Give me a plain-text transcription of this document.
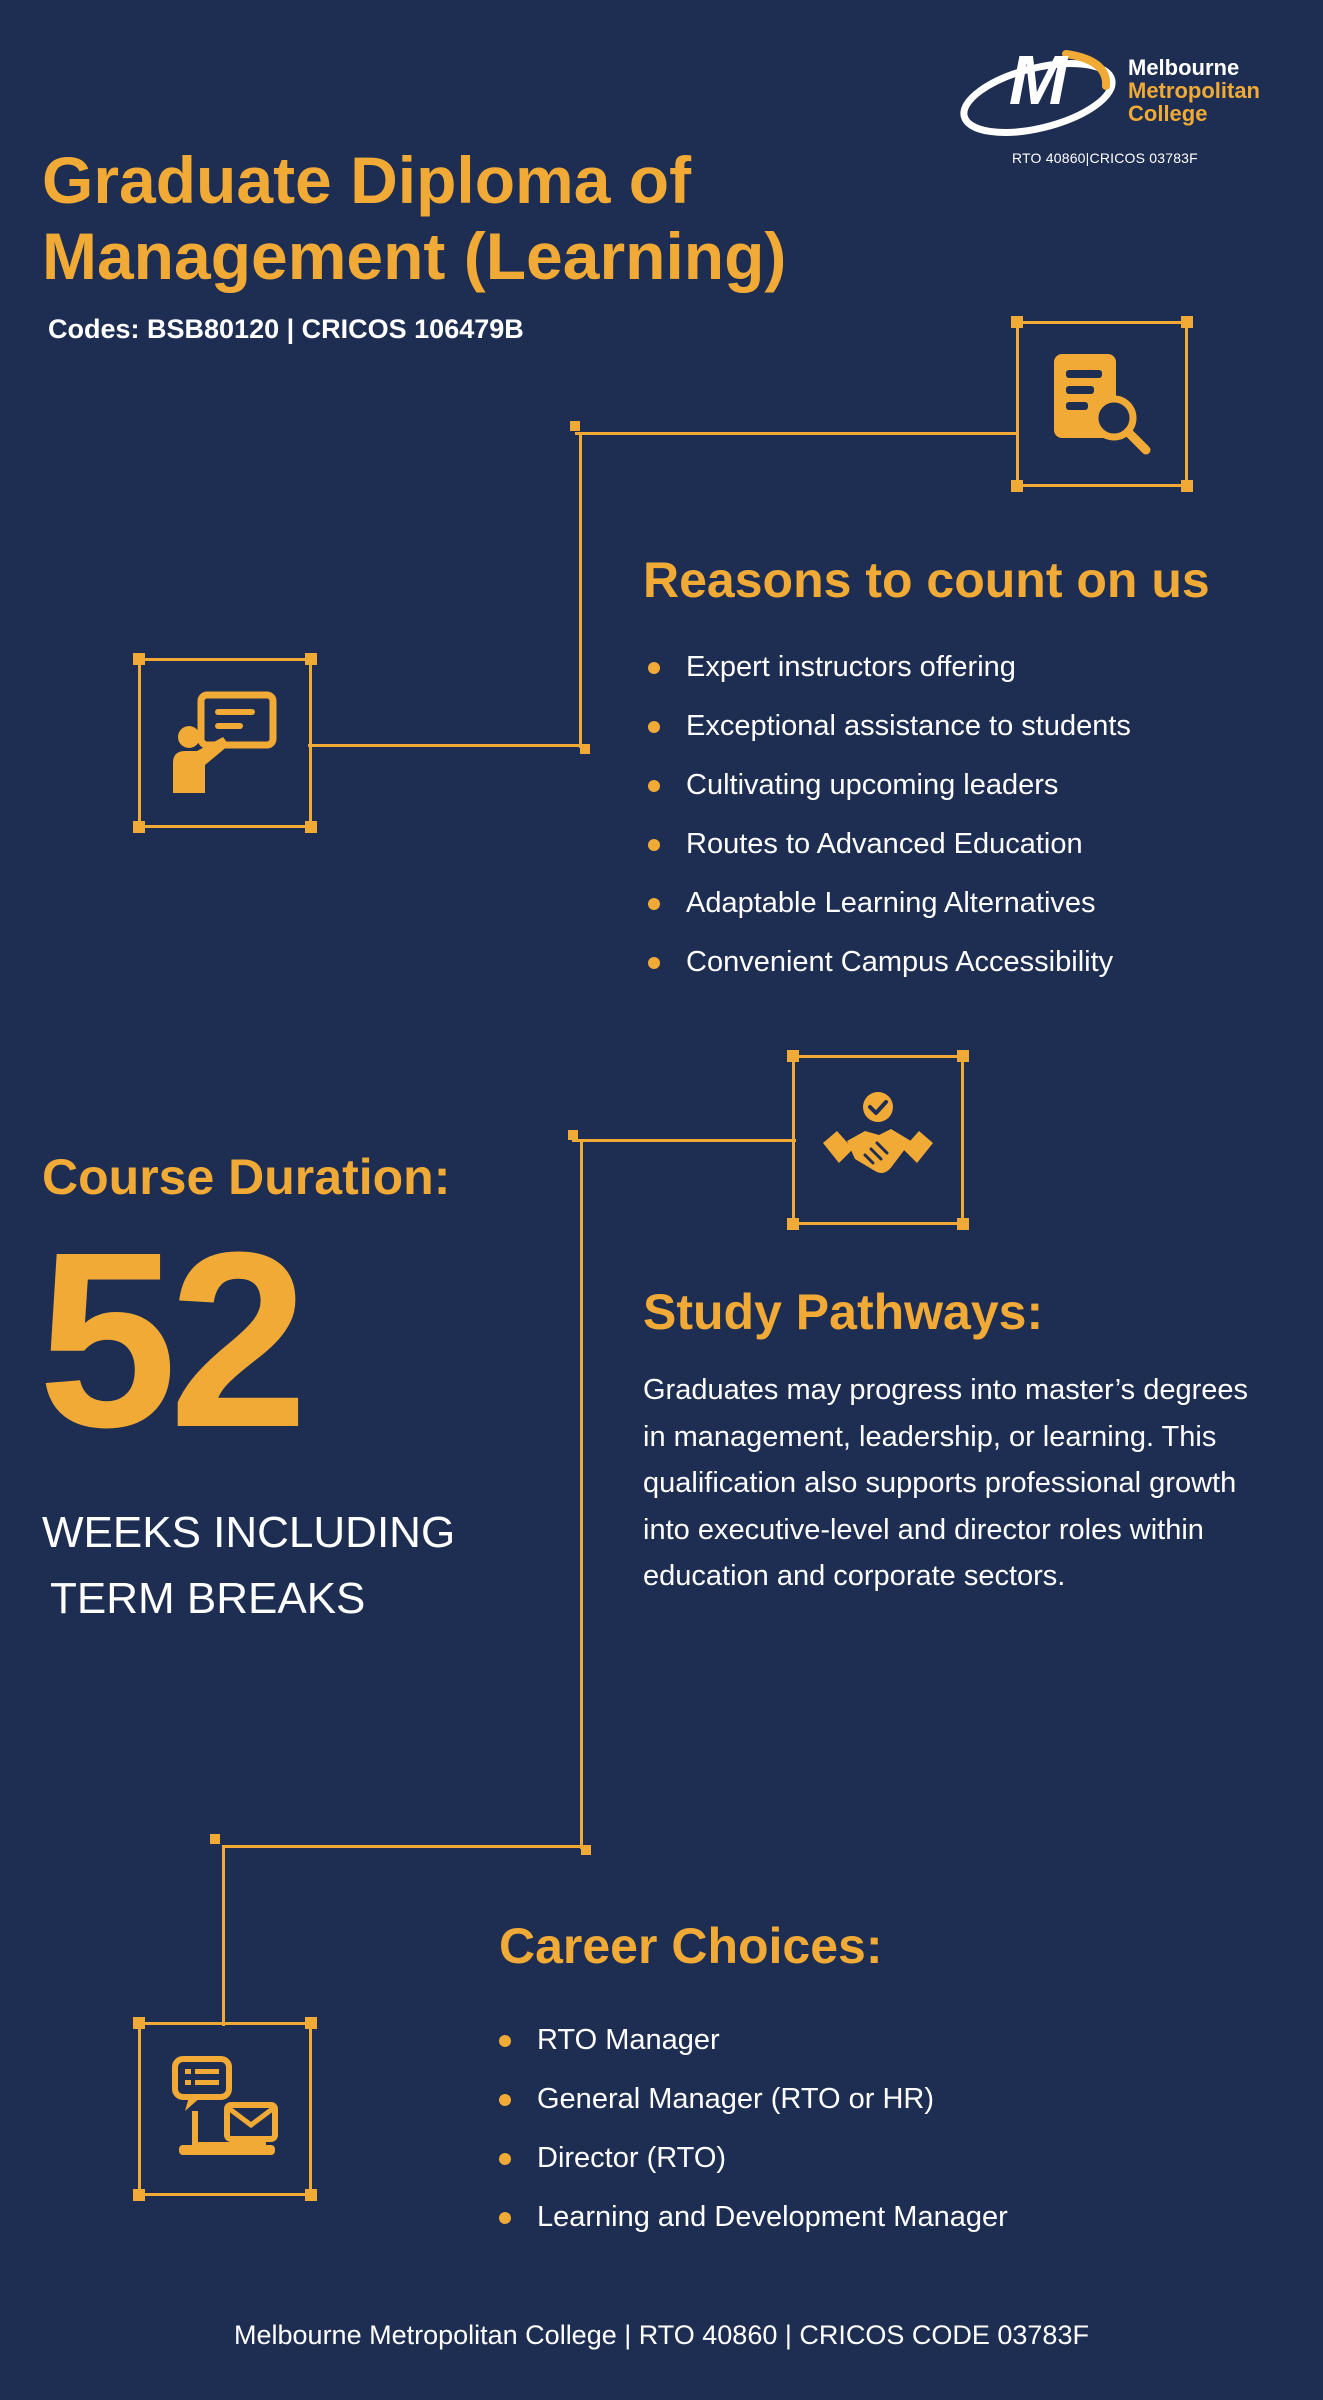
M	Melbourne
Metropolitan
College
RTO 40860|CRICOS 03783F
Graduate Diploma of
Management (Learning)
Codes: BSB80120 | CRICOS 106479B
Reasons to count on us
Expert instructors offering
Exceptional assistance to students
Cultivating upcoming leaders
Routes to Advanced Education
Adaptable Learning Alternatives
Convenient Campus Accessibility
Course Duration:
52
WEEKS INCLUDING
TERM BREAKS
Study Pathways:
Graduates may progress into master’s degrees in management, leadership, or learning. This qualification also supports professional growth into executive-level and director roles within education and corporate sectors.
Career Choices:
RTO Manager
General Manager (RTO or HR)
Director (RTO)
Learning and Development Manager
Melbourne Metropolitan College | RTO 40860 | CRICOS CODE 03783F
